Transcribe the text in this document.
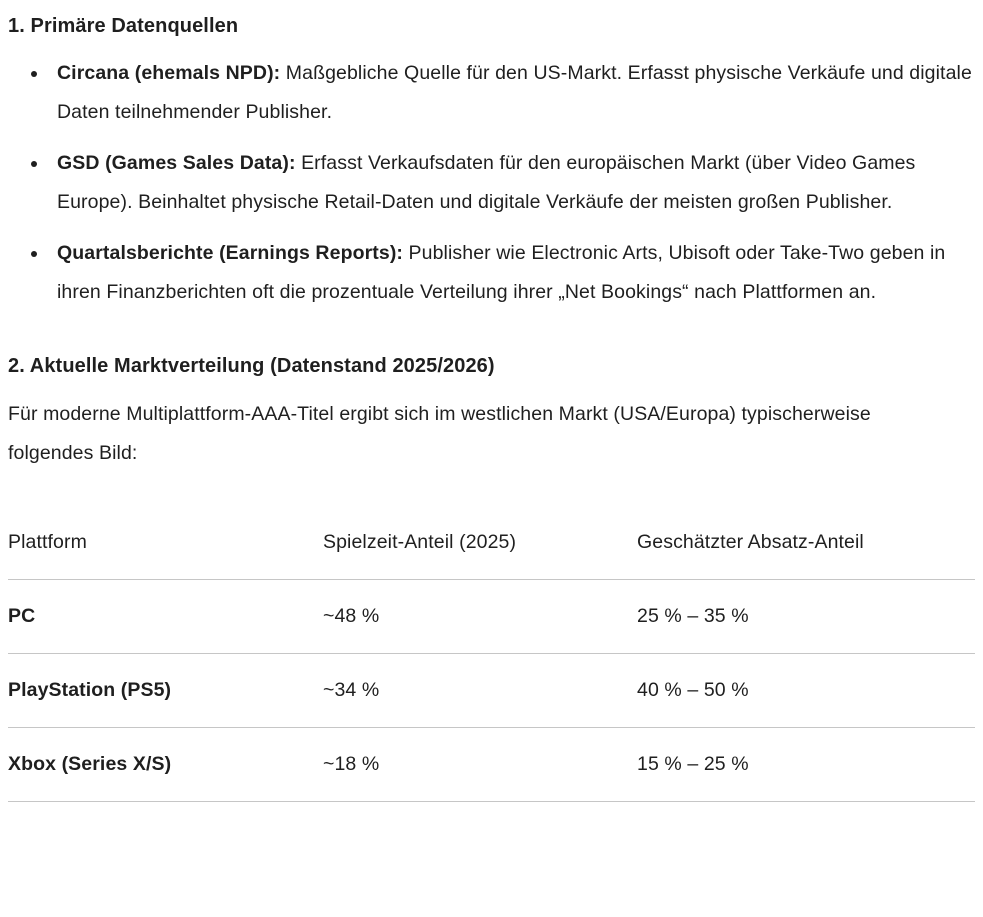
1. Primäre Datenquellen
Circana (ehemals NPD): Maßgebliche Quelle für den US-Markt. Erfasst physische Verkäufe und digitale Daten teilnehmender Publisher.
GSD (Games Sales Data): Erfasst Verkaufsdaten für den europäischen Markt (über Video Games Europe). Beinhaltet physische Retail-Daten und digitale Verkäufe der meisten großen Publisher.
Quartalsberichte (Earnings Reports): Publisher wie Electronic Arts, Ubisoft oder Take-Two geben in ihren Finanzberichten oft die prozentuale Verteilung ihrer „Net Bookings“ nach Plattformen an.
2. Aktuelle Marktverteilung (Datenstand 2025/2026)

Für moderne Multiplattform-AAA-Titel ergibt sich im westlichen Markt (USA/Europa) typischerweise folgendes Bild:

Plattform	Spielzeit-Anteil (2025)	Geschätzter Absatz-Anteil
PC	~48 %	25 % – 35 %
PlayStation (PS5)	~34 %	40 % – 50 %
Xbox (Series X/S)	~18 %	15 % – 25 %
